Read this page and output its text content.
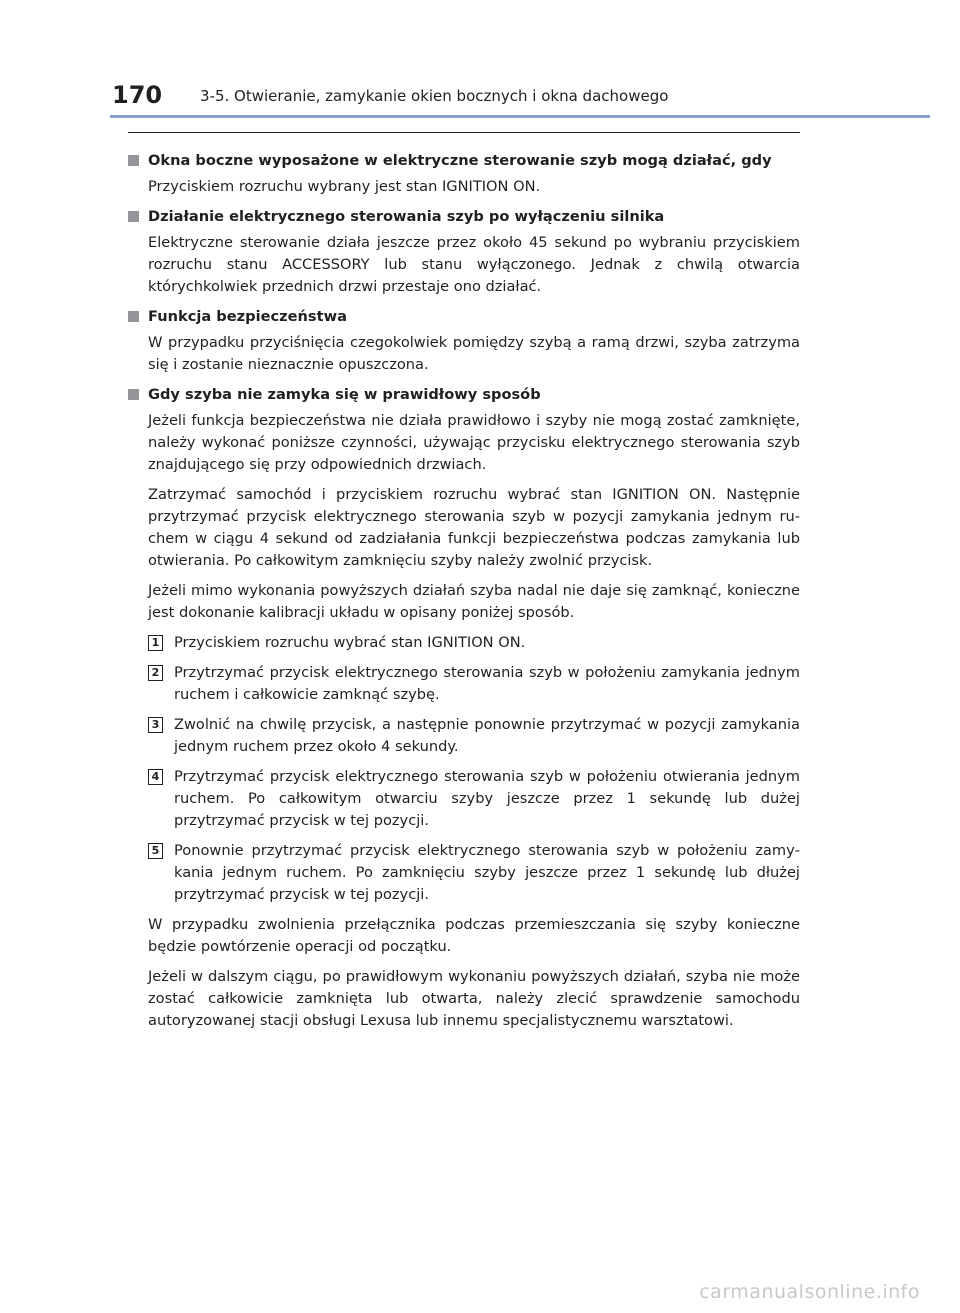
170	3-5. Otwieranie, zamykanie okien bocznych i okna dachowego
Okna boczne wyposażone w elektryczne sterowanie szyb mogą działać, gdy

Przyciskiem rozruchu wybrany jest stan IGNITION ON.

Działanie elektrycznego sterowania szyb po wyłączeniu silnika

Elektryczne sterowanie działa jeszcze przez około 45 sekund po wybraniu przyciskiem rozruchu stanu ACCESSORY lub stanu wyłączonego. Jednak z chwilą otwarcia którychkolwiek przednich drzwi przestaje ono działać.

Funkcja bezpieczeństwa

W przypadku przyciśnięcia czegokolwiek pomiędzy szybą a ramą drzwi, szyba zatrzyma się i zostanie nieznacznie opuszczona.

Gdy szyba nie zamyka się w prawidłowy sposób

Jeżeli funkcja bezpieczeństwa nie działa prawidłowo i szyby nie mogą zostać zamknięte, należy wykonać poniższe czynności, używając przycisku elektrycznego sterowania szyb znajdującego się przy odpowiednich drzwiach.

Zatrzymać samochód i przyciskiem rozruchu wybrać stan IGNITION ON. Następnie przytrzymać przycisk elektrycznego sterowania szyb w pozycji zamykania jednym ruchem w ciągu 4 sekund od zadziałania funkcji bezpieczeństwa podczas zamykania lub otwierania. Po całkowitym zamknięciu szyby należy zwolnić przycisk.

Jeżeli mimo wykonania powyższych działań szyba nadal nie daje się zamknąć, konieczne jest dokonanie kalibracji układu w opisany poniżej sposób.

1 Przyciskiem rozruchu wybrać stan IGNITION ON.
2 Przytrzymać przycisk elektrycznego sterowania szyb w położeniu zamykania jednym ruchem i całkowicie zamknąć szybę.
3 Zwolnić na chwilę przycisk, a następnie ponownie przytrzymać w pozycji zamykania jednym ruchem przez około 4 sekundy.
4 Przytrzymać przycisk elektrycznego sterowania szyb w położeniu otwierania jednym ruchem. Po całkowitym otwarciu szyby jeszcze przez 1 sekundę lub dużej przytrzymać przycisk w tej pozycji.
5 Ponownie przytrzymać przycisk elektrycznego sterowania szyb w położeniu zamykania jednym ruchem. Po zamknięciu szyby jeszcze przez 1 sekundę lub dłużej przytrzymać przycisk w tej pozycji.

W przypadku zwolnienia przełącznika podczas przemieszczania się szyby konieczne będzie powtórzenie operacji od początku.

Jeżeli w dalszym ciągu, po prawidłowym wykonaniu powyższych działań, szyba nie może zostać całkowicie zamknięta lub otwarta, należy zlecić sprawdzenie samochodu autoryzowanej stacji obsługi Lexusa lub innemu specjalistycznemu warsztatowi.

carmanualsonline.info
